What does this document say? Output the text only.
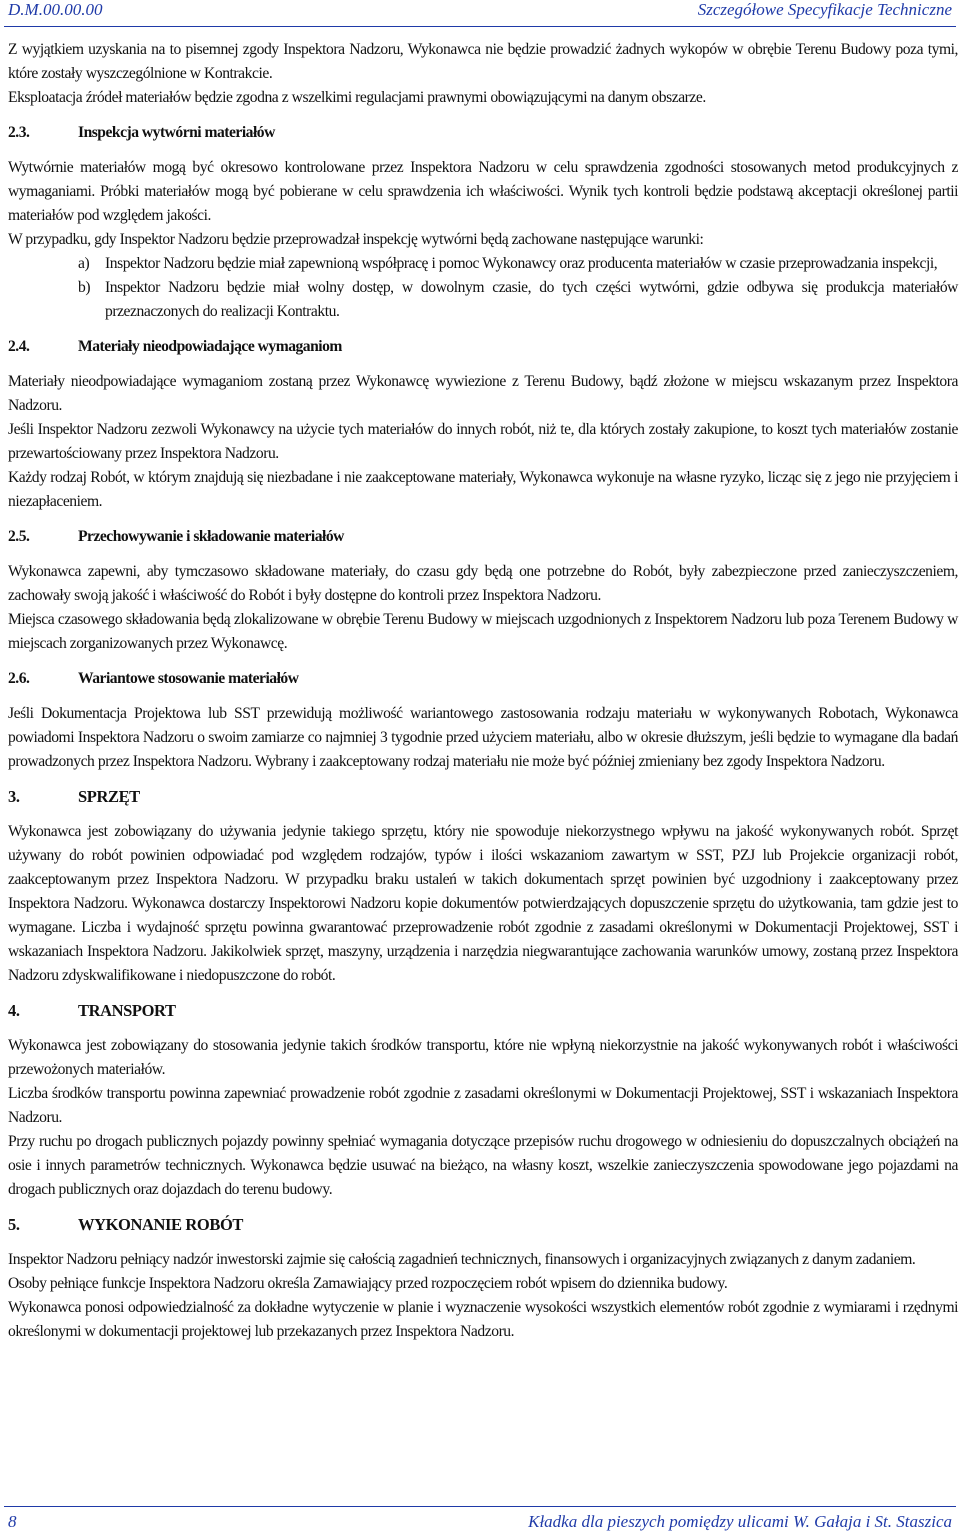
D.M.00.00.00	Szczegółowe Specyfikacje Techniczne

Z wyjątkiem uzyskania na to pisemnej zgody Inspektora Nadzoru, Wykonawca nie będzie prowadzić żadnych wykopów w obrębie Terenu Budowy poza tymi, które zostały wyszczególnione w Kontrakcie.

Eksploatacja źródeł materiałów będzie zgodna z wszelkimi regulacjami prawnymi obowiązującymi na danym obszarze.

2.3.	Inspekcja wytwórni materiałów

Wytwórnie materiałów mogą być okresowo kontrolowane przez Inspektora Nadzoru w celu sprawdzenia zgodności stosowanych metod produkcyjnych z wymaganiami. Próbki materiałów mogą być pobierane w celu sprawdzenia ich właściwości. Wynik tych kontroli będzie podstawą akceptacji określonej partii materiałów pod względem jakości.

W przypadku, gdy Inspektor Nadzoru będzie przeprowadzał inspekcję wytwórni będą zachowane następujące warunki:

a) Inspektor Nadzoru będzie miał zapewnioną współpracę i pomoc Wykonawcy oraz producenta materiałów w czasie przeprowadzania inspekcji,
b) Inspektor Nadzoru będzie miał wolny dostęp, w dowolnym czasie, do tych części wytwórni, gdzie odbywa się produkcja materiałów przeznaczonych do realizacji Kontraktu.
2.4.	Materiały nieodpowiadające wymaganiom

Materiały nieodpowiadające wymaganiom zostaną przez Wykonawcę wywiezione z Terenu Budowy, bądź złożone w miejscu wskazanym przez Inspektora Nadzoru.

Jeśli Inspektor Nadzoru zezwoli Wykonawcy na użycie tych materiałów do innych robót, niż te, dla których zostały zakupione, to koszt tych materiałów zostanie przewartościowany przez Inspektora Nadzoru.

Każdy rodzaj Robót, w którym znajdują się niezbadane i nie zaakceptowane materiały, Wykonawca wykonuje na własne ryzyko, licząc się z jego nie przyjęciem i niezapłaceniem.

2.5.	Przechowywanie i składowanie materiałów

Wykonawca zapewni, aby tymczasowo składowane materiały, do czasu gdy będą one potrzebne do Robót, były zabezpieczone przed zanieczyszczeniem, zachowały swoją jakość i właściwość do Robót i były dostępne do kontroli przez Inspektora Nadzoru.

Miejsca czasowego składowania będą zlokalizowane w obrębie Terenu Budowy w miejscach uzgodnionych z Inspektorem Nadzoru lub poza Terenem Budowy w miejscach zorganizowanych przez Wykonawcę.

2.6.	Wariantowe stosowanie materiałów

Jeśli Dokumentacja Projektowa lub SST przewidują możliwość wariantowego zastosowania rodzaju materiału w wykonywanych Robotach, Wykonawca powiadomi Inspektora Nadzoru o swoim zamiarze co najmniej 3 tygodnie przed użyciem materiału, albo w okresie dłuższym, jeśli będzie to wymagane dla badań prowadzonych przez Inspektora Nadzoru. Wybrany i zaakceptowany rodzaj materiału nie może być później zmieniany bez zgody Inspektora Nadzoru.

3.	SPRZĘT

Wykonawca jest zobowiązany do używania jedynie takiego sprzętu, który nie spowoduje niekorzystnego wpływu na jakość wykonywanych robót. Sprzęt używany do robót powinien odpowiadać pod względem rodzajów, typów i ilości wskazaniom zawartym w SST, PZJ lub Projekcie organizacji robót, zaakceptowanym przez Inspektora Nadzoru. W przypadku braku ustaleń w takich dokumentach sprzęt powinien być uzgodniony i zaakceptowany przez Inspektora Nadzoru. Wykonawca dostarczy Inspektorowi Nadzoru kopie dokumentów potwierdzających dopuszczenie sprzętu do użytkowania, tam gdzie jest to wymagane. Liczba i wydajność sprzętu powinna gwarantować przeprowadzenie robót zgodnie z zasadami określonymi w Dokumentacji Projektowej, SST i wskazaniach Inspektora Nadzoru. Jakikolwiek sprzęt, maszyny, urządzenia i narzędzia niegwarantujące zachowania warunków umowy, zostaną przez Inspektora Nadzoru zdyskwalifikowane i niedopuszczone do robót.

4.	TRANSPORT

Wykonawca jest zobowiązany do stosowania jedynie takich środków transportu, które nie wpłyną niekorzystnie na jakość wykonywanych robót i właściwości przewożonych materiałów.

Liczba środków transportu powinna zapewniać prowadzenie robót zgodnie z zasadami określonymi w Dokumentacji Projektowej, SST i wskazaniach Inspektora Nadzoru.

Przy ruchu po drogach publicznych pojazdy powinny spełniać wymagania dotyczące przepisów ruchu drogowego w odniesieniu do dopuszczalnych obciążeń na osie i innych parametrów technicznych. Wykonawca będzie usuwać na bieżąco, na własny koszt, wszelkie zanieczyszczenia spowodowane jego pojazdami na drogach publicznych oraz dojazdach do terenu budowy.

5.	WYKONANIE ROBÓT

Inspektor Nadzoru pełniący nadzór inwestorski zajmie się całością zagadnień technicznych, finansowych i organizacyjnych związanych z danym zadaniem.

Osoby pełniące funkcje Inspektora Nadzoru określa Zamawiający przed rozpoczęciem robót wpisem do dziennika budowy.

Wykonawca ponosi odpowiedzialność za dokładne wytyczenie w planie i wyznaczenie wysokości wszystkich elementów robót zgodnie z wymiarami i rzędnymi określonymi w dokumentacji projektowej lub przekazanych przez Inspektora Nadzoru.

8	Kładka dla pieszych pomiędzy ulicami W. Gałaja i St. Staszica
